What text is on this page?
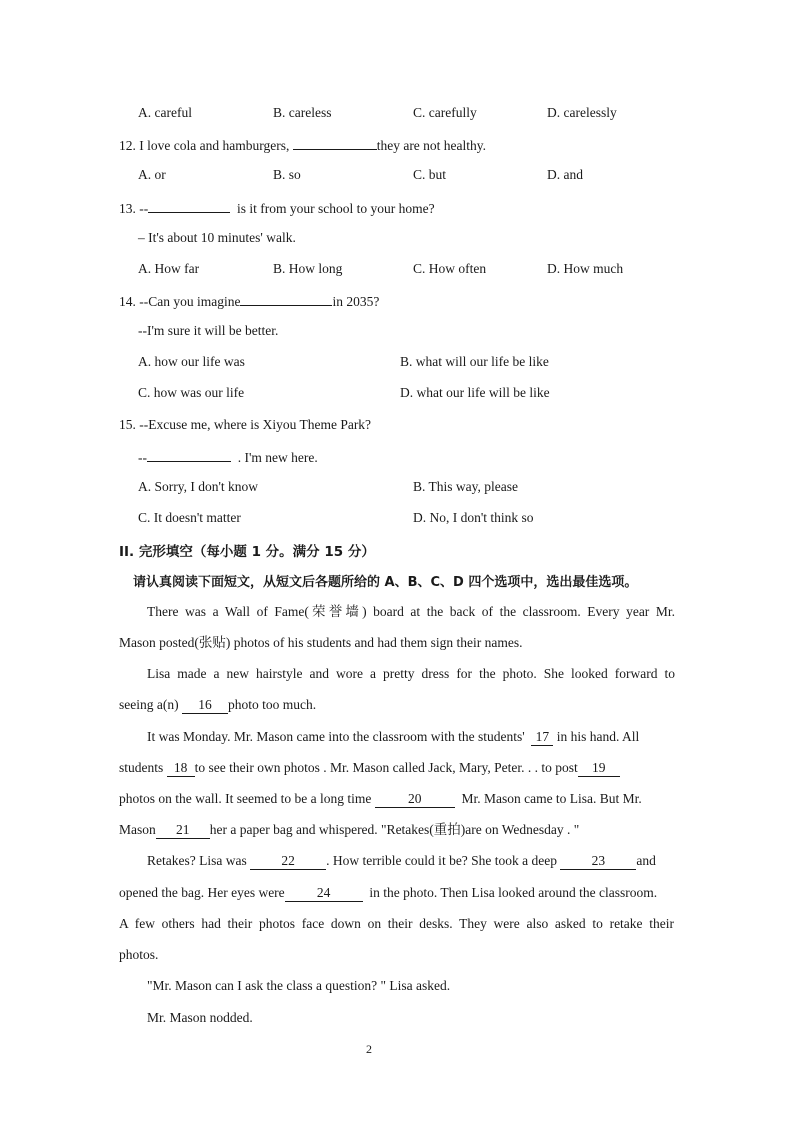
A. careful	B. careless	C. carefully	D. carelessly
12. I love cola and hamburgers,	they are not healthy.
A. or	B. so	C. but	D. and
13. --	is it from your school to your home?
– It's about 10 minutes' walk.
A. How far	B. How long	C. How often	D. How much
14. --Can you imagine	in 2035?
--I'm sure it will be better.
A. how our life was	B. what will our life be like
C. how was our life	D. what our life will be like
15. --Excuse me, where is Xiyou Theme Park?
--	. I'm new here.
A. Sorry, I don't know	B. This way, please
C. It doesn't matter	D. No, I don't think so
II. 完形填空（每小题 1 分。满分 15 分）
请认真阅读下面短文，从短文后各题所给的 A、B、C、D 四个选项中，选出最佳选项。
There was a Wall of Fame(荣誉墙) board at the back of the classroom. Every year Mr.
Mason posted(张贴) photos of his students and had them sign their names.
Lisa made a new hairstyle and wore a pretty dress for the photo. She looked forward to
seeing a(n) 16 photo too much.
It was Monday. Mr. Mason came into the classroom with the students' 17 in his hand. All
students 18 to see their own photos . Mr. Mason called Jack, Mary, Peter. . . to post 19
photos on the wall. It seemed to be a long time	20	Mr. Mason came to Lisa. But Mr.
Mason 21 her a paper bag and whispered. "Retakes(重拍)are on Wednesday . "
Retakes? Lisa was	22 . How terrible could it be? She took a deep	23 and
opened the bag. Her eyes were 24	in the photo. Then Lisa looked around the classroom.
A few others had their photos face down on their desks. They were also asked to retake their
photos.
"Mr. Mason can I ask the class a question? " Lisa asked.
Mr. Mason nodded.
2
